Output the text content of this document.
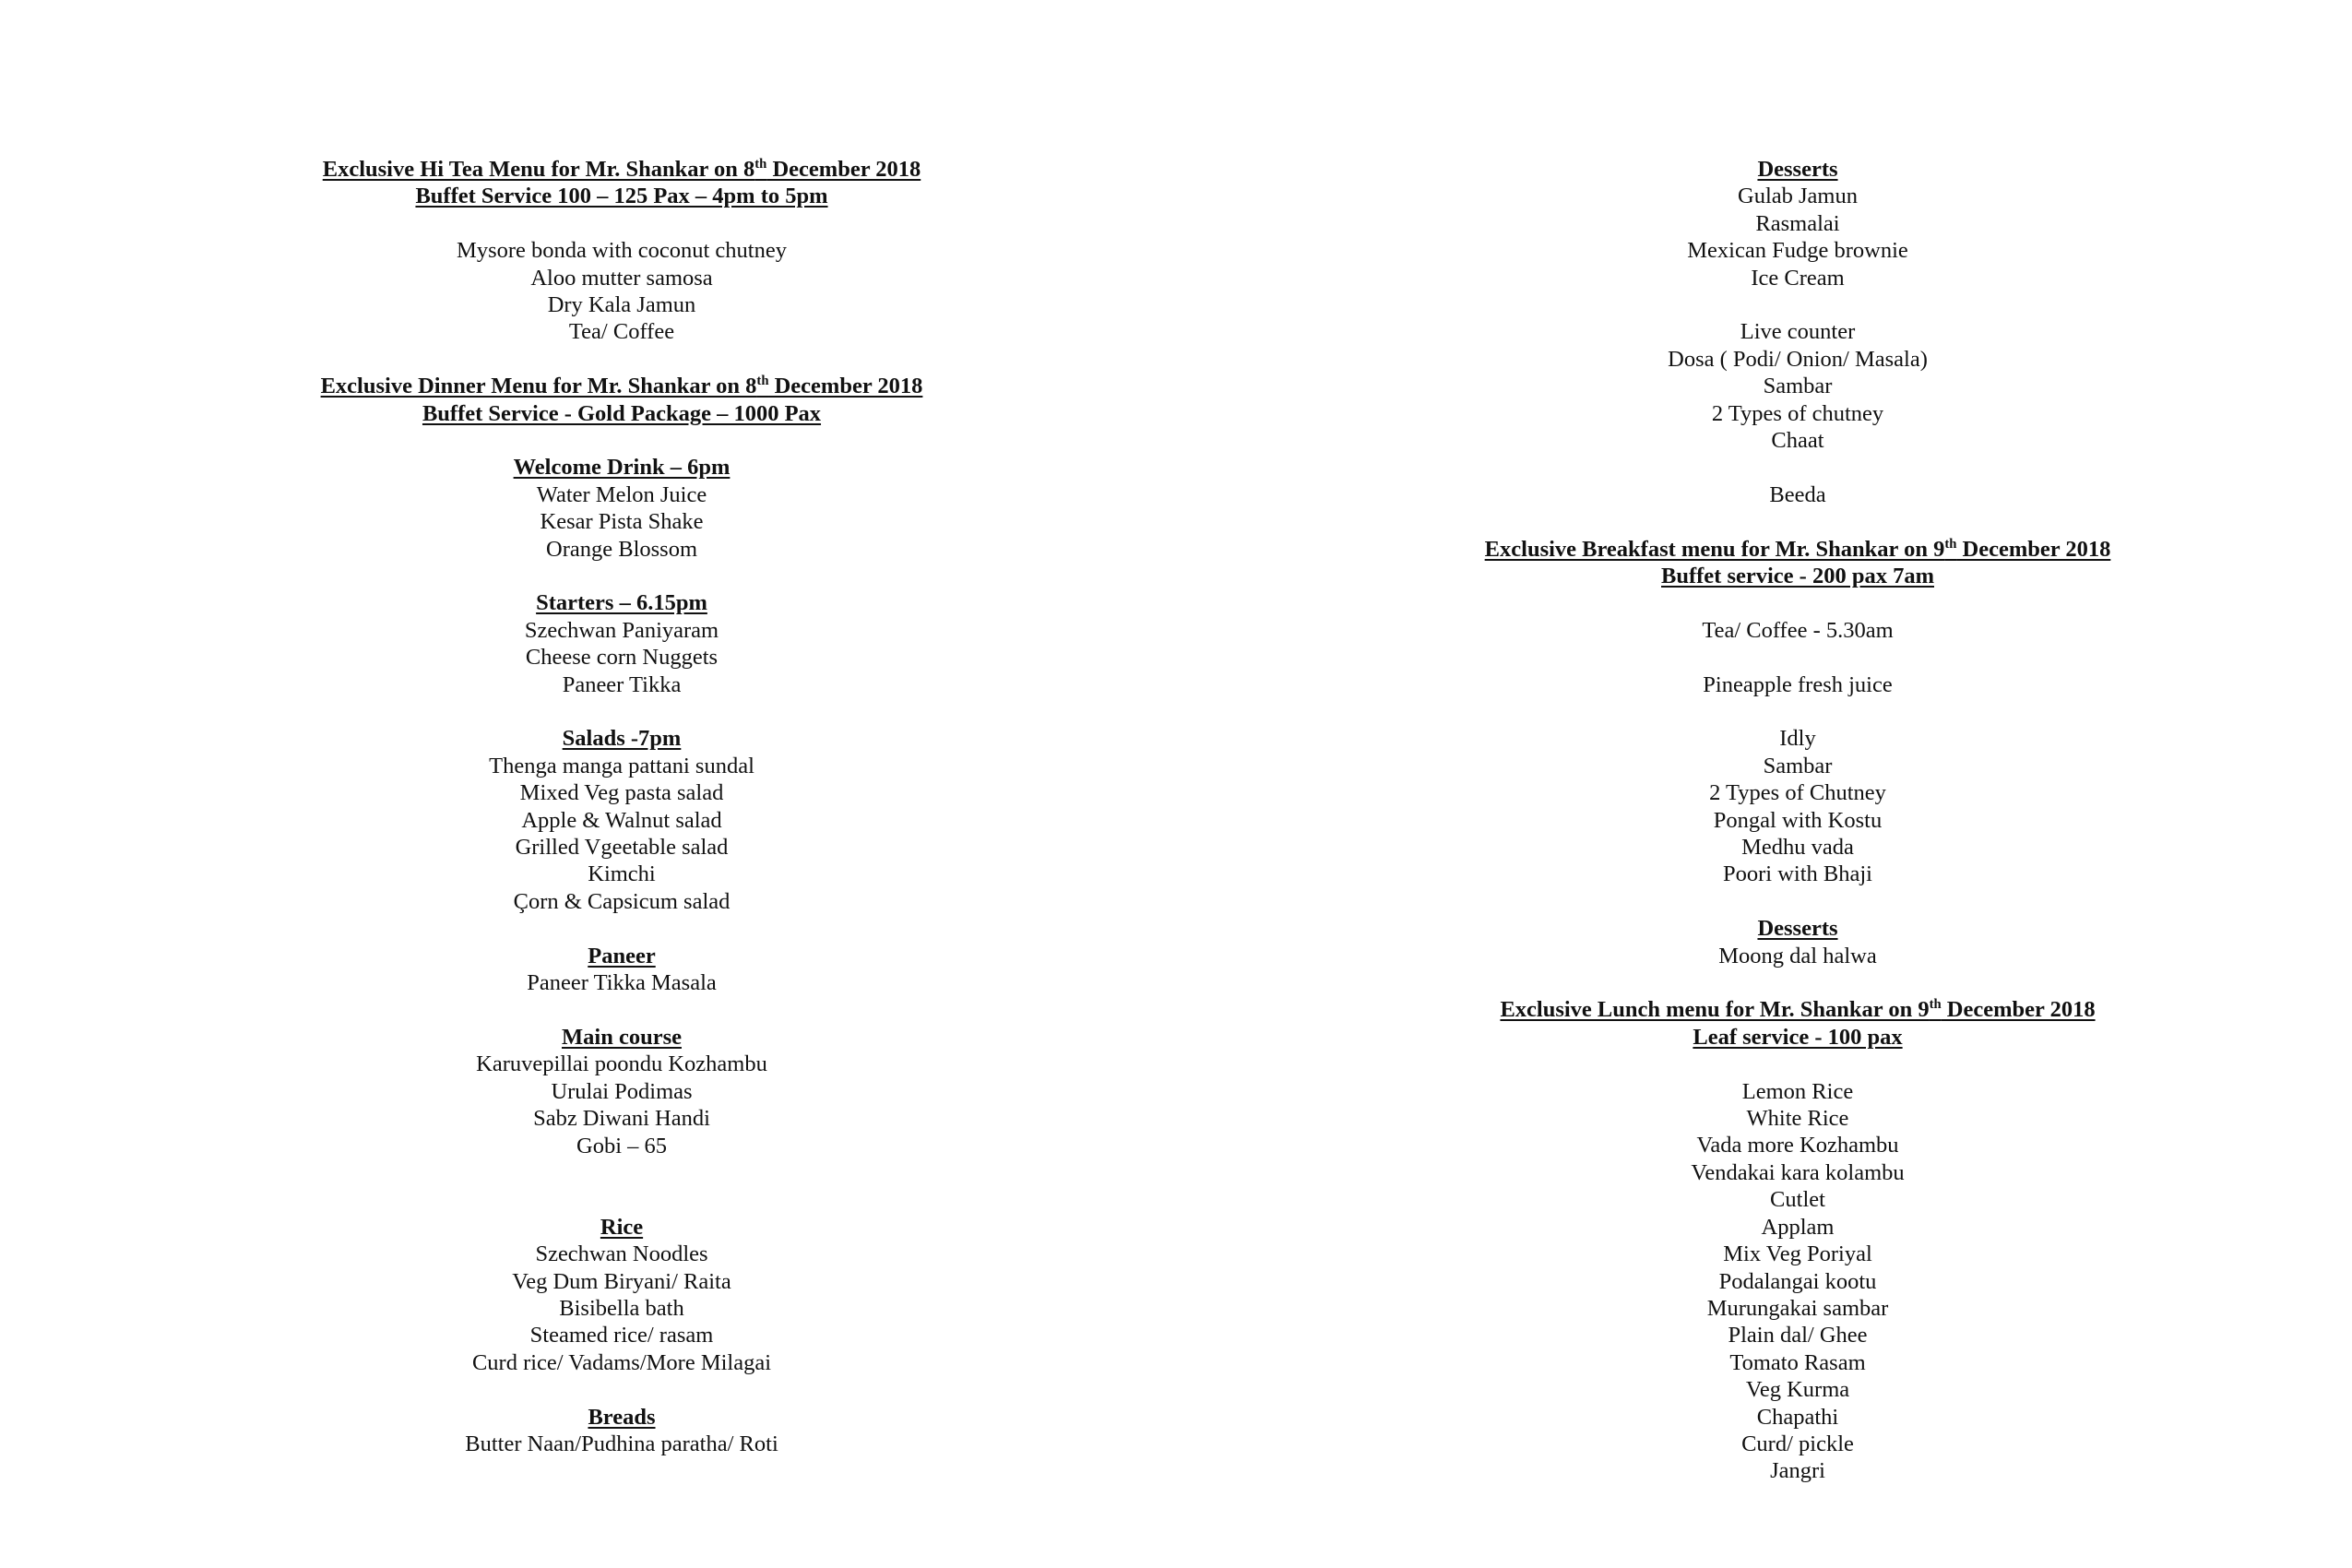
Exclusive Hi Tea Menu for Mr. Shankar on 8th December 2018
Buffet Service 100 – 125 Pax – 4pm to 5pm
Mysore bonda with coconut chutney
Aloo mutter samosa
Dry Kala Jamun
Tea/ Coffee
Exclusive Dinner Menu for Mr. Shankar on 8th December 2018
Buffet Service - Gold Package – 1000 Pax
Welcome Drink – 6pm
Water Melon Juice
Kesar Pista Shake
Orange Blossom
Starters – 6.15pm
Szechwan Paniyaram
Cheese corn Nuggets
Paneer Tikka
Salads -7pm
Thenga manga pattani sundal
Mixed Veg pasta salad
Apple & Walnut salad
Grilled Vgeetable salad
Kimchi
Çorn & Capsicum salad
Paneer
Paneer Tikka Masala
Main course
Karuvepillai poondu Kozhambu
Urulai Podimas
Sabz Diwani Handi
Gobi – 65
Rice
Szechwan Noodles
Veg Dum Biryani/ Raita
Bisibella bath
Steamed rice/ rasam
Curd rice/ Vadams/More Milagai
Breads
Butter Naan/Pudhina paratha/ Roti
Desserts
Gulab Jamun
Rasmalai
Mexican Fudge brownie
Ice Cream
Live counter
Dosa ( Podi/ Onion/ Masala)
Sambar
2 Types of chutney
Chaat
Beeda
Exclusive Breakfast menu for Mr. Shankar on 9th December 2018
Buffet service - 200 pax 7am
Tea/ Coffee - 5.30am
Pineapple fresh juice
Idly
Sambar
2 Types of Chutney
Pongal with Kostu
Medhu vada
Poori with Bhaji
Desserts
Moong dal halwa
Exclusive Lunch menu for Mr. Shankar on 9th December 2018
Leaf service - 100 pax
Lemon Rice
White Rice
Vada more Kozhambu
Vendakai kara kolambu
Cutlet
Applam
Mix Veg Poriyal
Podalangai kootu
Murungakai sambar
Plain dal/ Ghee
Tomato Rasam
Veg Kurma
Chapathi
Curd/ pickle
Jangri
